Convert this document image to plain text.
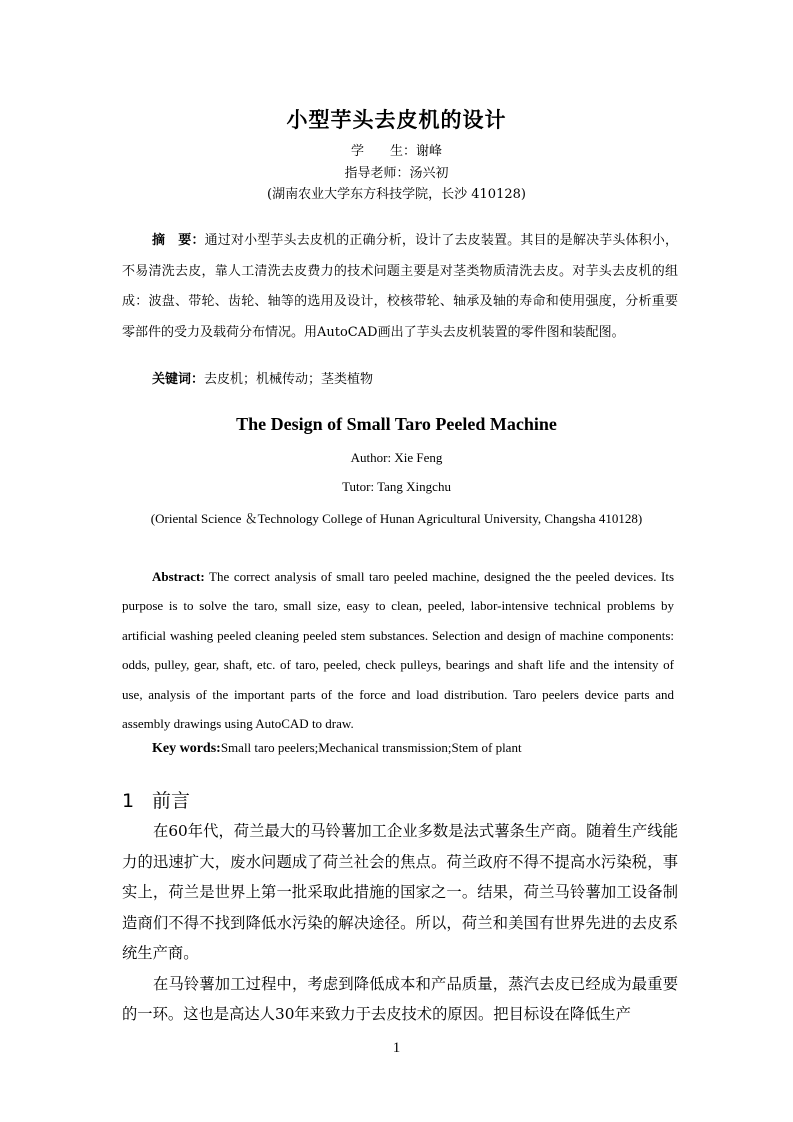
小型芋头去皮机的设计
学　　生：谢峰
指导老师：汤兴初
(湖南农业大学东方科技学院，长沙 410128)
摘　要：通过对小型芋头去皮机的正确分析，设计了去皮装置。其目的是解决芋头体积小，不易清洗去皮，靠人工清洗去皮费力的技术问题主要是对茎类物质清洗去皮。对芋头去皮机的组成：波盘、带轮、齿轮、轴等的选用及设计，校核带轮、轴承及轴的寿命和使用强度，分析重要零部件的受力及载荷分布情况。用AutoCAD画出了芋头去皮机装置的零件图和装配图。
关键词：去皮机；机械传动；茎类植物
The Design of Small Taro Peeled Machine
Author: Xie Feng
Tutor: Tang Xingchu
(Oriental Science ＆Technology College of Hunan Agricultural University, Changsha 410128)
Abstract: The correct analysis of small taro peeled machine, designed the the peeled devices. Its purpose is to solve the taro, small size, easy to clean, peeled, labor-intensive technical problems by artificial washing peeled cleaning peeled stem substances. Selection and design of machine components: odds, pulley, gear, shaft, etc. of taro, peeled, check pulleys, bearings and shaft life and the intensity of use, analysis of the important parts of the force and load distribution. Taro peelers device parts and assembly drawings using AutoCAD to draw.
Key words:Small taro peelers;Mechanical transmission;Stem of plant
1 前言

在60年代，荷兰最大的马铃薯加工企业多数是法式薯条生产商。随着生产线能力的迅速扩大，废水问题成了荷兰社会的焦点。荷兰政府不得不提高水污染税，事实上，荷兰是世界上第一批采取此措施的国家之一。结果，荷兰马铃薯加工设备制造商们不得不找到降低水污染的解决途径。所以，荷兰和美国有世界先进的去皮系统生产商。

在马铃薯加工过程中，考虑到降低成本和产品质量，蒸汽去皮已经成为最重要的一环。这也是高达人30年来致力于去皮技术的原因。把目标设在降低生产

1
